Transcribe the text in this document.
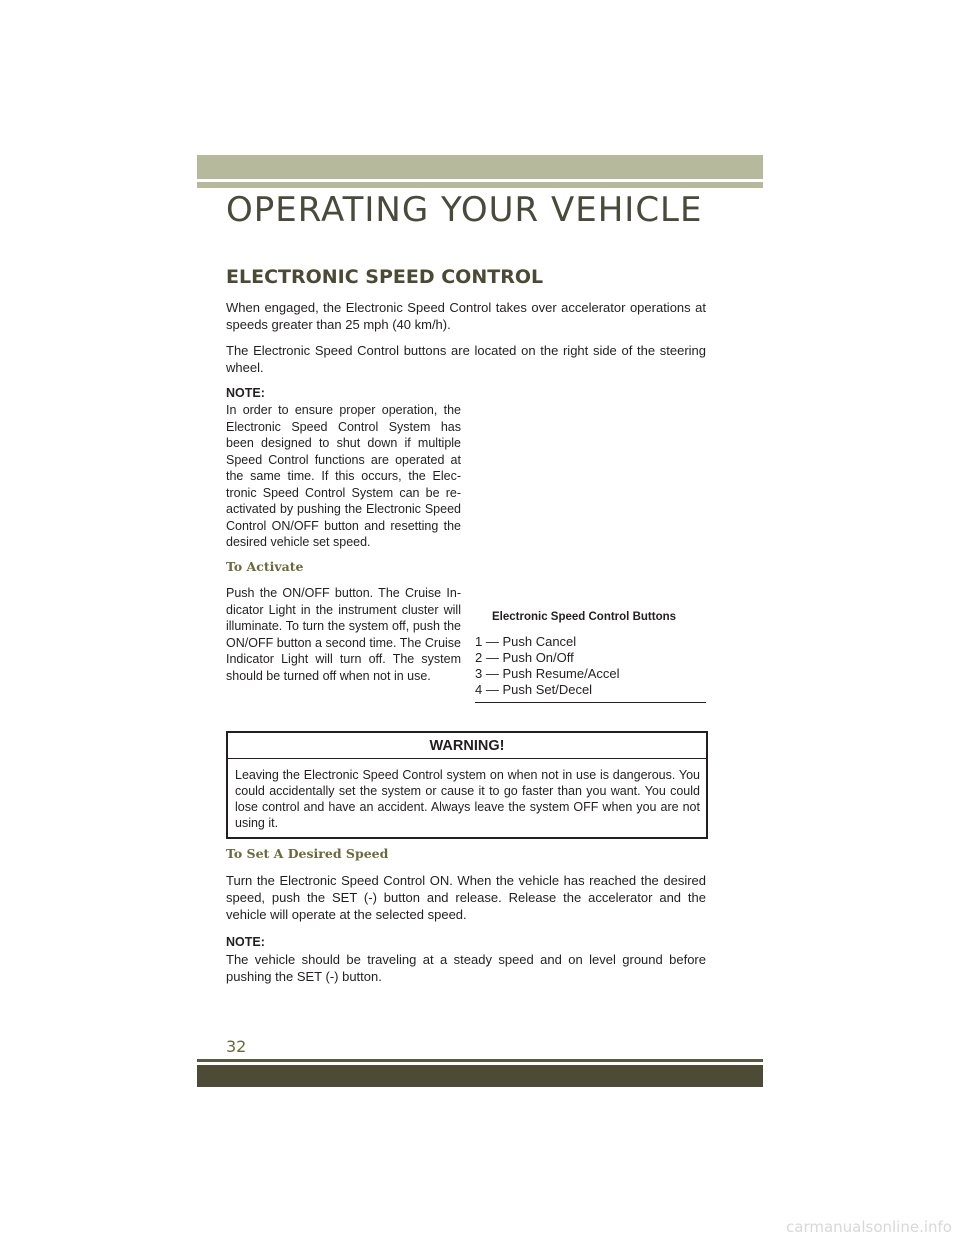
OPERATING YOUR VEHICLE
ELECTRONIC SPEED CONTROL

When engaged, the Electronic Speed Control takes over accelerator operations at speeds greater than 25 mph (40 km/h).

The Electronic Speed Control buttons are located on the right side of the steering wheel.

NOTE:

In order to ensure proper operation, the Electronic Speed Control System has been designed to shut down if multiple Speed Control functions are operated at the same time. If this occurs, the Electronic Speed Control System can be reactivated by pushing the Electronic Speed Control ON/OFF button and resetting the desired vehicle set speed.

To Activate

Push the ON/OFF button. The Cruise Indicator Light in the instrument cluster will illuminate. To turn the system off, push the ON/OFF button a second time. The Cruise Indicator Light will turn off. The system should be turned off when not in use.

Electronic Speed Control Buttons

1 — Push Cancel
2 — Push On/Off
3 — Push Resume/Accel
4 — Push Set/Decel

WARNING!

Leaving the Electronic Speed Control system on when not in use is dangerous. You could accidentally set the system or cause it to go faster than you want. You could lose control and have an accident. Always leave the system OFF when you are not using it.

To Set A Desired Speed

Turn the Electronic Speed Control ON. When the vehicle has reached the desired speed, push the SET (-) button and release. Release the accelerator and the vehicle will operate at the selected speed.

NOTE:

The vehicle should be traveling at a steady speed and on level ground before pushing the SET (-) button.

32

carmanualsonline.info
